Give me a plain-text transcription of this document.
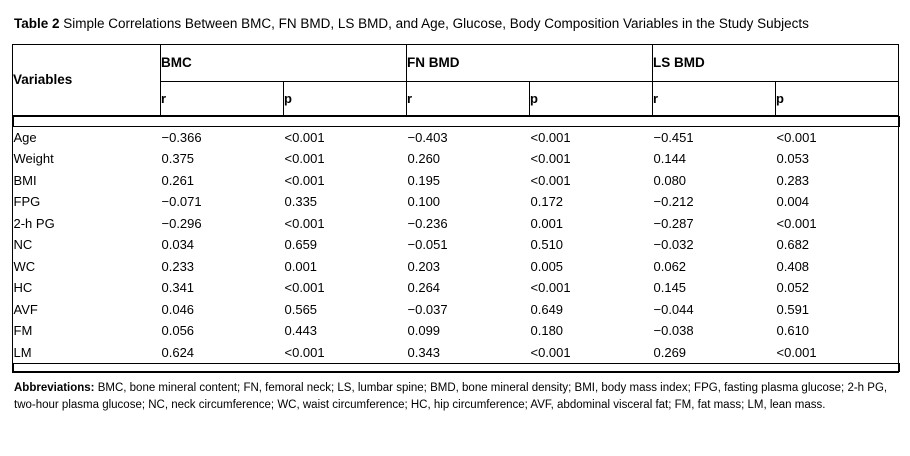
Table 2 Simple Correlations Between BMC, FN BMD, LS BMD, and Age, Glucose, Body Composition Variables in the Study Subjects
Variables	BMC	FN BMD	LS BMD
r	p	r	p	r	p

Age	−0.366	<0.001	−0.403	<0.001	−0.451	<0.001
Weight	0.375	<0.001	0.260	<0.001	0.144	0.053
BMI	0.261	<0.001	0.195	<0.001	0.080	0.283
FPG	−0.071	0.335	0.100	0.172	−0.212	0.004
2-h PG	−0.296	<0.001	−0.236	0.001	−0.287	<0.001
NC	0.034	0.659	−0.051	0.510	−0.032	0.682
WC	0.233	0.001	0.203	0.005	0.062	0.408
HC	0.341	<0.001	0.264	<0.001	0.145	0.052
AVF	0.046	0.565	−0.037	0.649	−0.044	0.591
FM	0.056	0.443	0.099	0.180	−0.038	0.610
LM	0.624	<0.001	0.343	<0.001	0.269	<0.001

Abbreviations: BMC, bone mineral content; FN, femoral neck; LS, lumbar spine; BMD, bone mineral density; BMI, body mass index; FPG, fasting plasma glucose; 2-h PG, two-hour plasma glucose; NC, neck circumference; WC, waist circumference; HC, hip circumference; AVF, abdominal visceral fat; FM, fat mass; LM, lean mass.
